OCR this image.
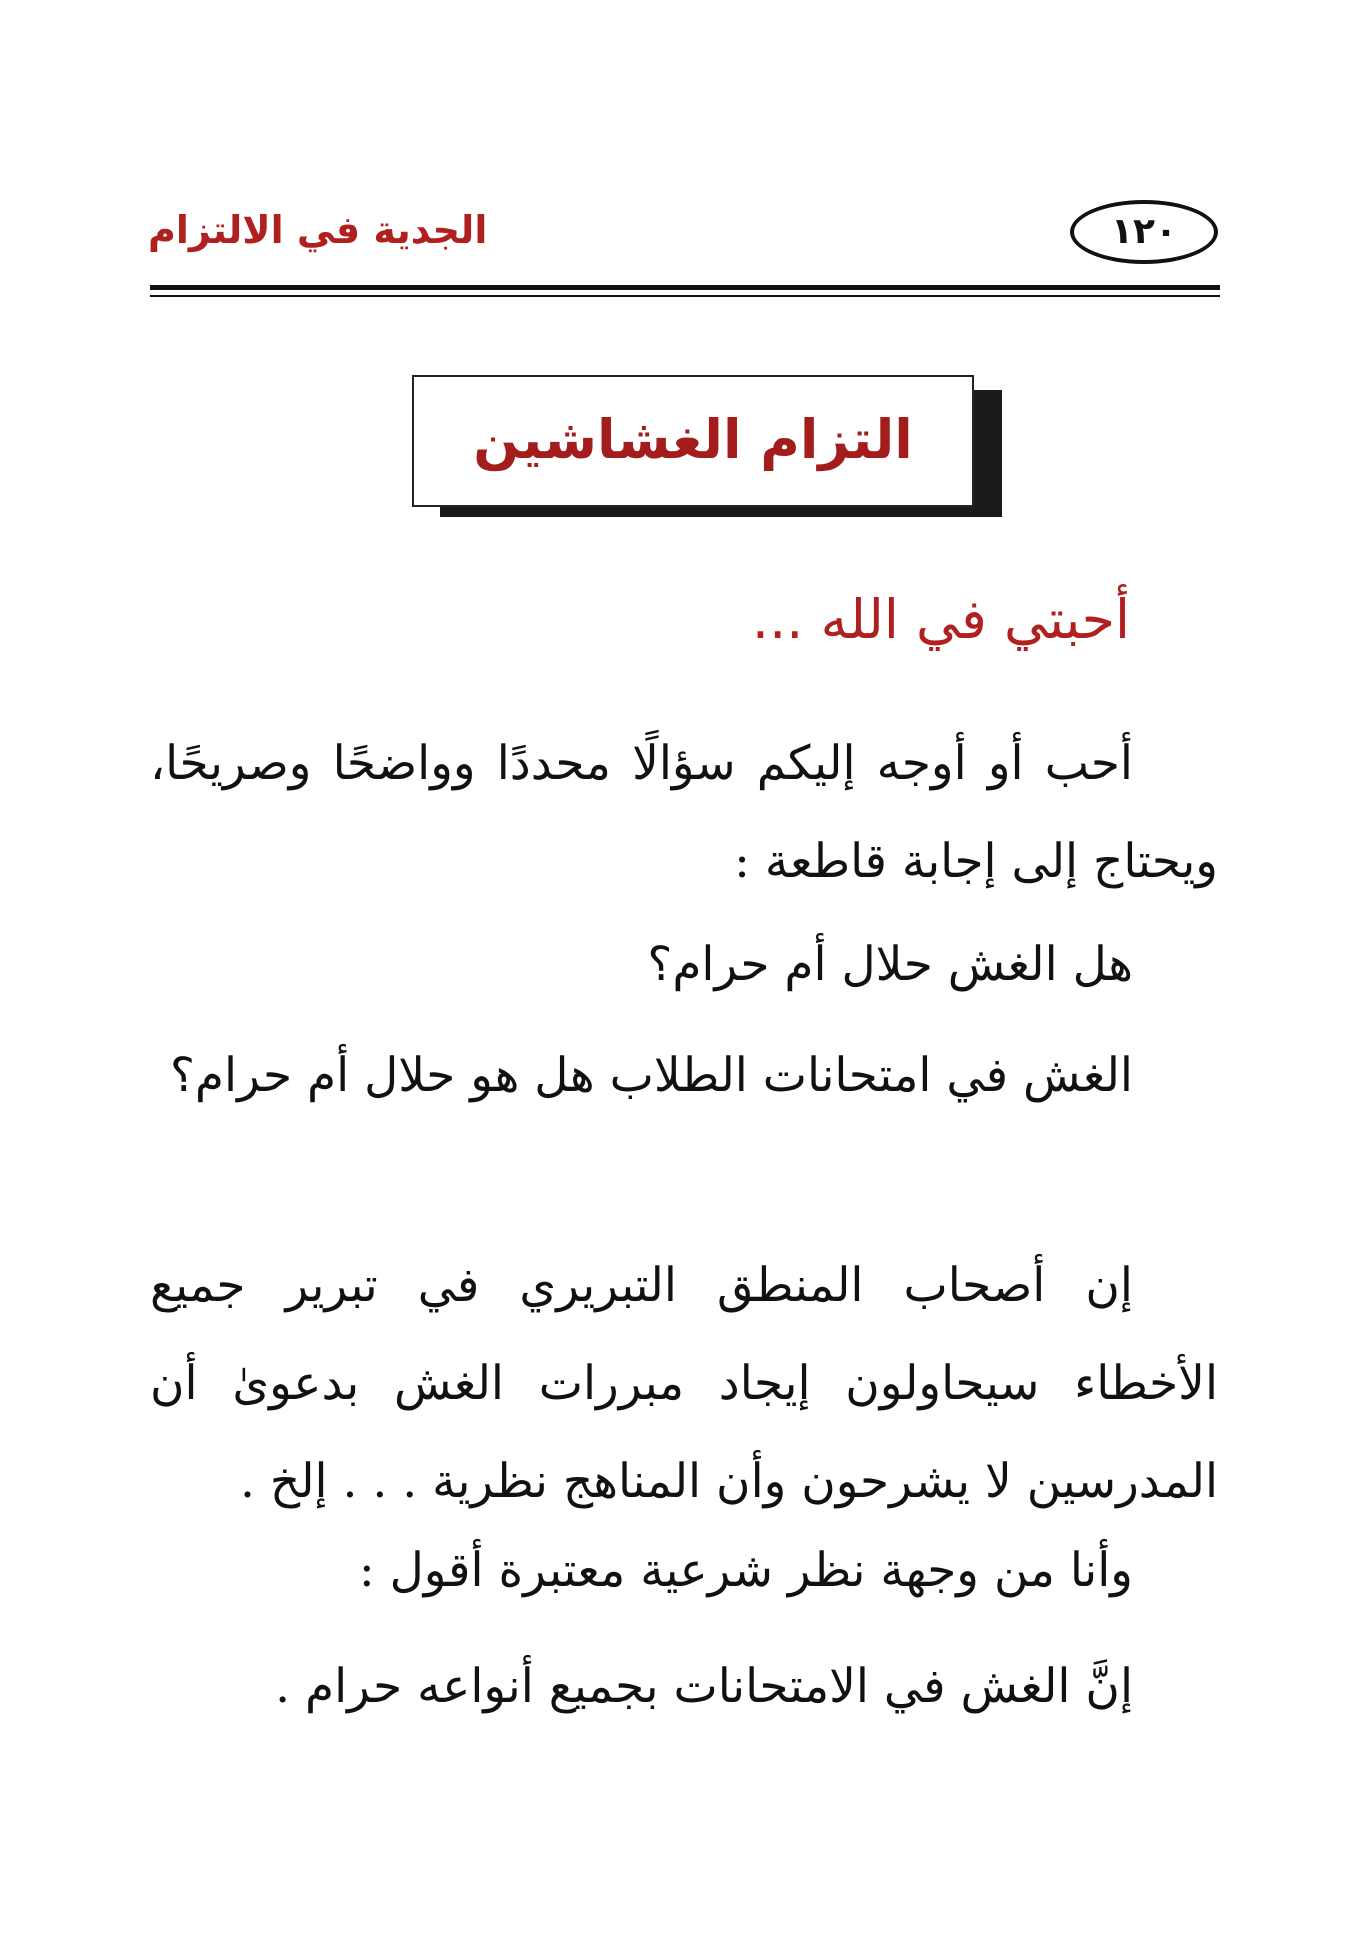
الجدية في الالتزام	١٢٠
التزام الغشاشين
أحبتي في الله ...

أحب أو أوجه إليكم سؤالًا محددًا وواضحًا وصريحًا، ويحتاج إلى إجابة قاطعة :

هل الغش حلال أم حرام؟

الغش في امتحانات الطلاب هل هو حلال أم حرام؟

إن أصحاب المنطق التبريري في تبرير جميع الأخطاء سيحاولون إيجاد مبررات الغش بدعوىٰ أن المدرسين لا يشرحون وأن المناهج نظرية . . . إلخ .

وأنا من وجهة نظر شرعية معتبرة أقول :

إنَّ الغش في الامتحانات بجميع أنواعه حرام .
